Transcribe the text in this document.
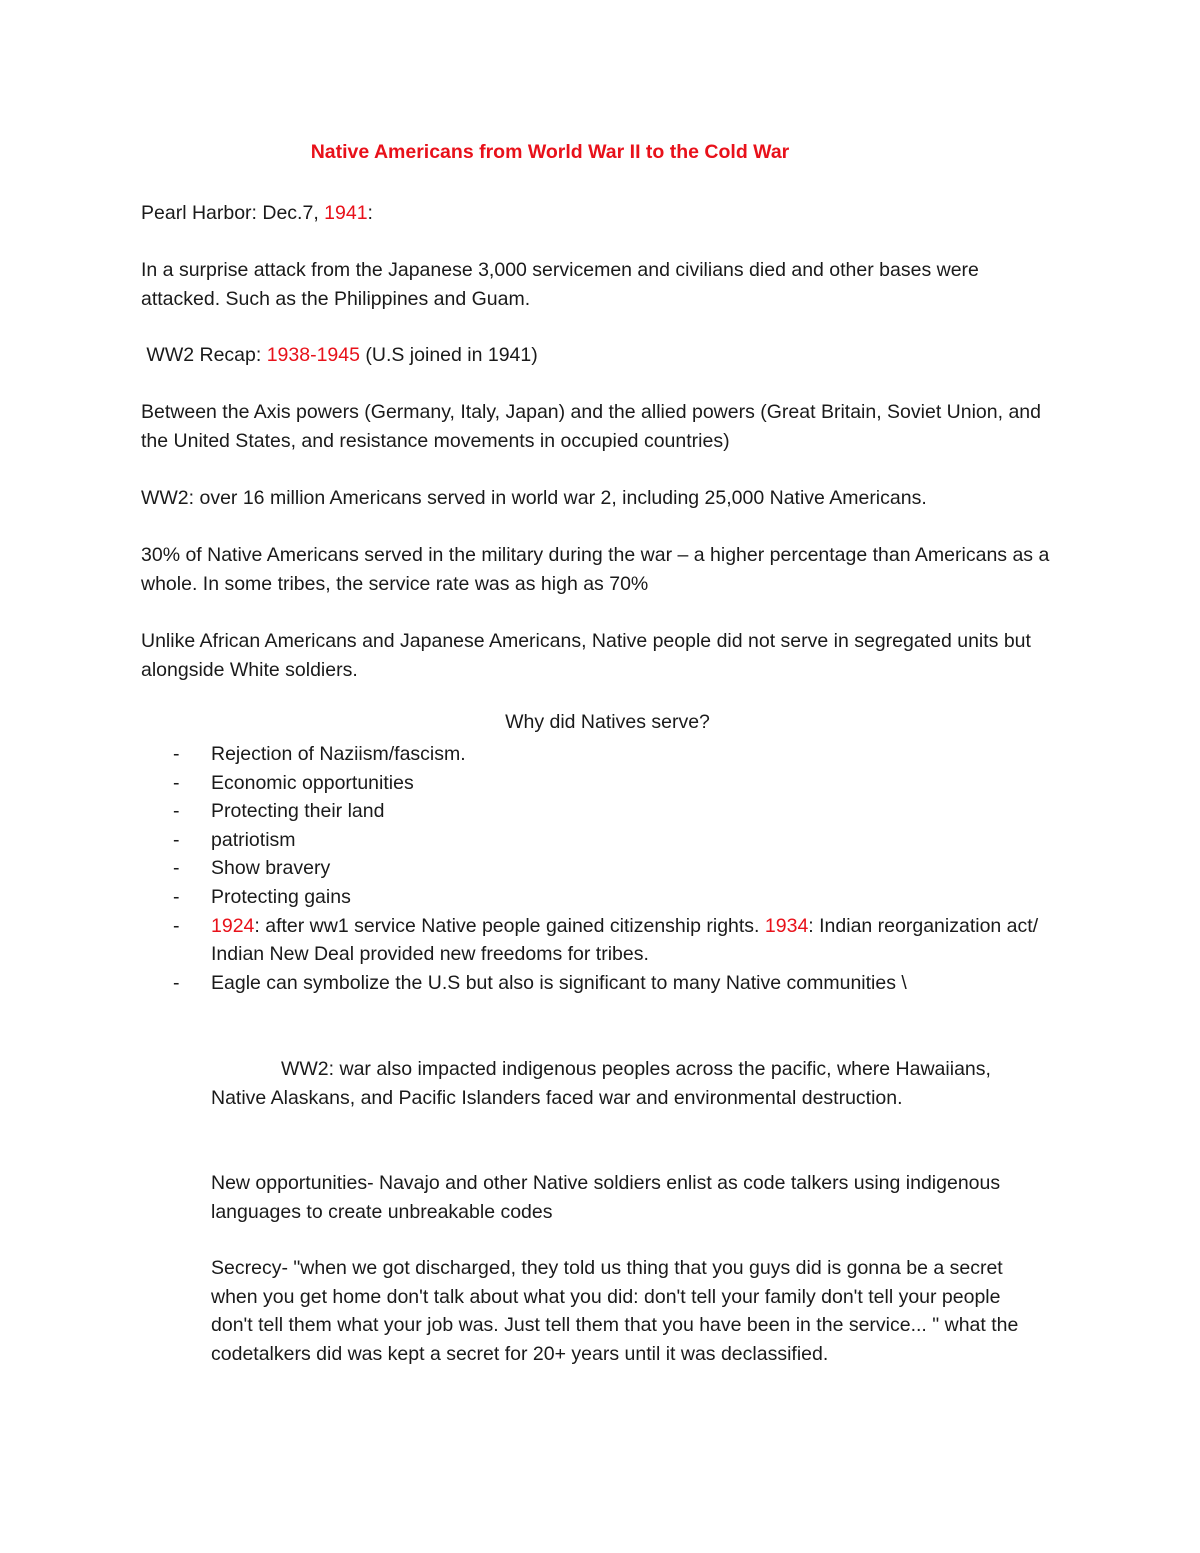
Native Americans from World War II to the Cold War

Pearl Harbor: Dec.7, 1941:

In a surprise attack from the Japanese 3,000 servicemen and civilians died and other bases were attacked. Such as the Philippines and Guam.

WW2 Recap: 1938-1945 (U.S joined in 1941)

Between the Axis powers (Germany, Italy, Japan) and the allied powers (Great Britain, Soviet Union, and the United States, and resistance movements in occupied countries)

WW2: over 16 million Americans served in world war 2, including 25,000 Native Americans.

30% of Native Americans served in the military during the war – a higher percentage than Americans as a whole. In some tribes, the service rate was as high as 70%

Unlike African Americans and Japanese Americans, Native people did not serve in segregated units but alongside White soldiers.

Why did Natives serve?
- Rejection of Naziism/fascism.
- Economic opportunities
- Protecting their land
- patriotism
- Show bravery
- Protecting gains
- 1924: after ww1 service Native people gained citizenship rights. 1934: Indian reorganization act/ Indian New Deal provided new freedoms for tribes.
- Eagle can symbolize the U.S but also is significant to many Native communities \

WW2: war also impacted indigenous peoples across the pacific, where Hawaiians, Native Alaskans, and Pacific Islanders faced war and environmental destruction.

New opportunities- Navajo and other Native soldiers enlist as code talkers using indigenous languages to create unbreakable codes

Secrecy- "when we got discharged, they told us thing that you guys did is gonna be a secret when you get home don't talk about what you did: don't tell your family don't tell your people don't tell them what your job was. Just tell them that you have been in the service... " what the codetalkers did was kept a secret for 20+ years until it was declassified.
